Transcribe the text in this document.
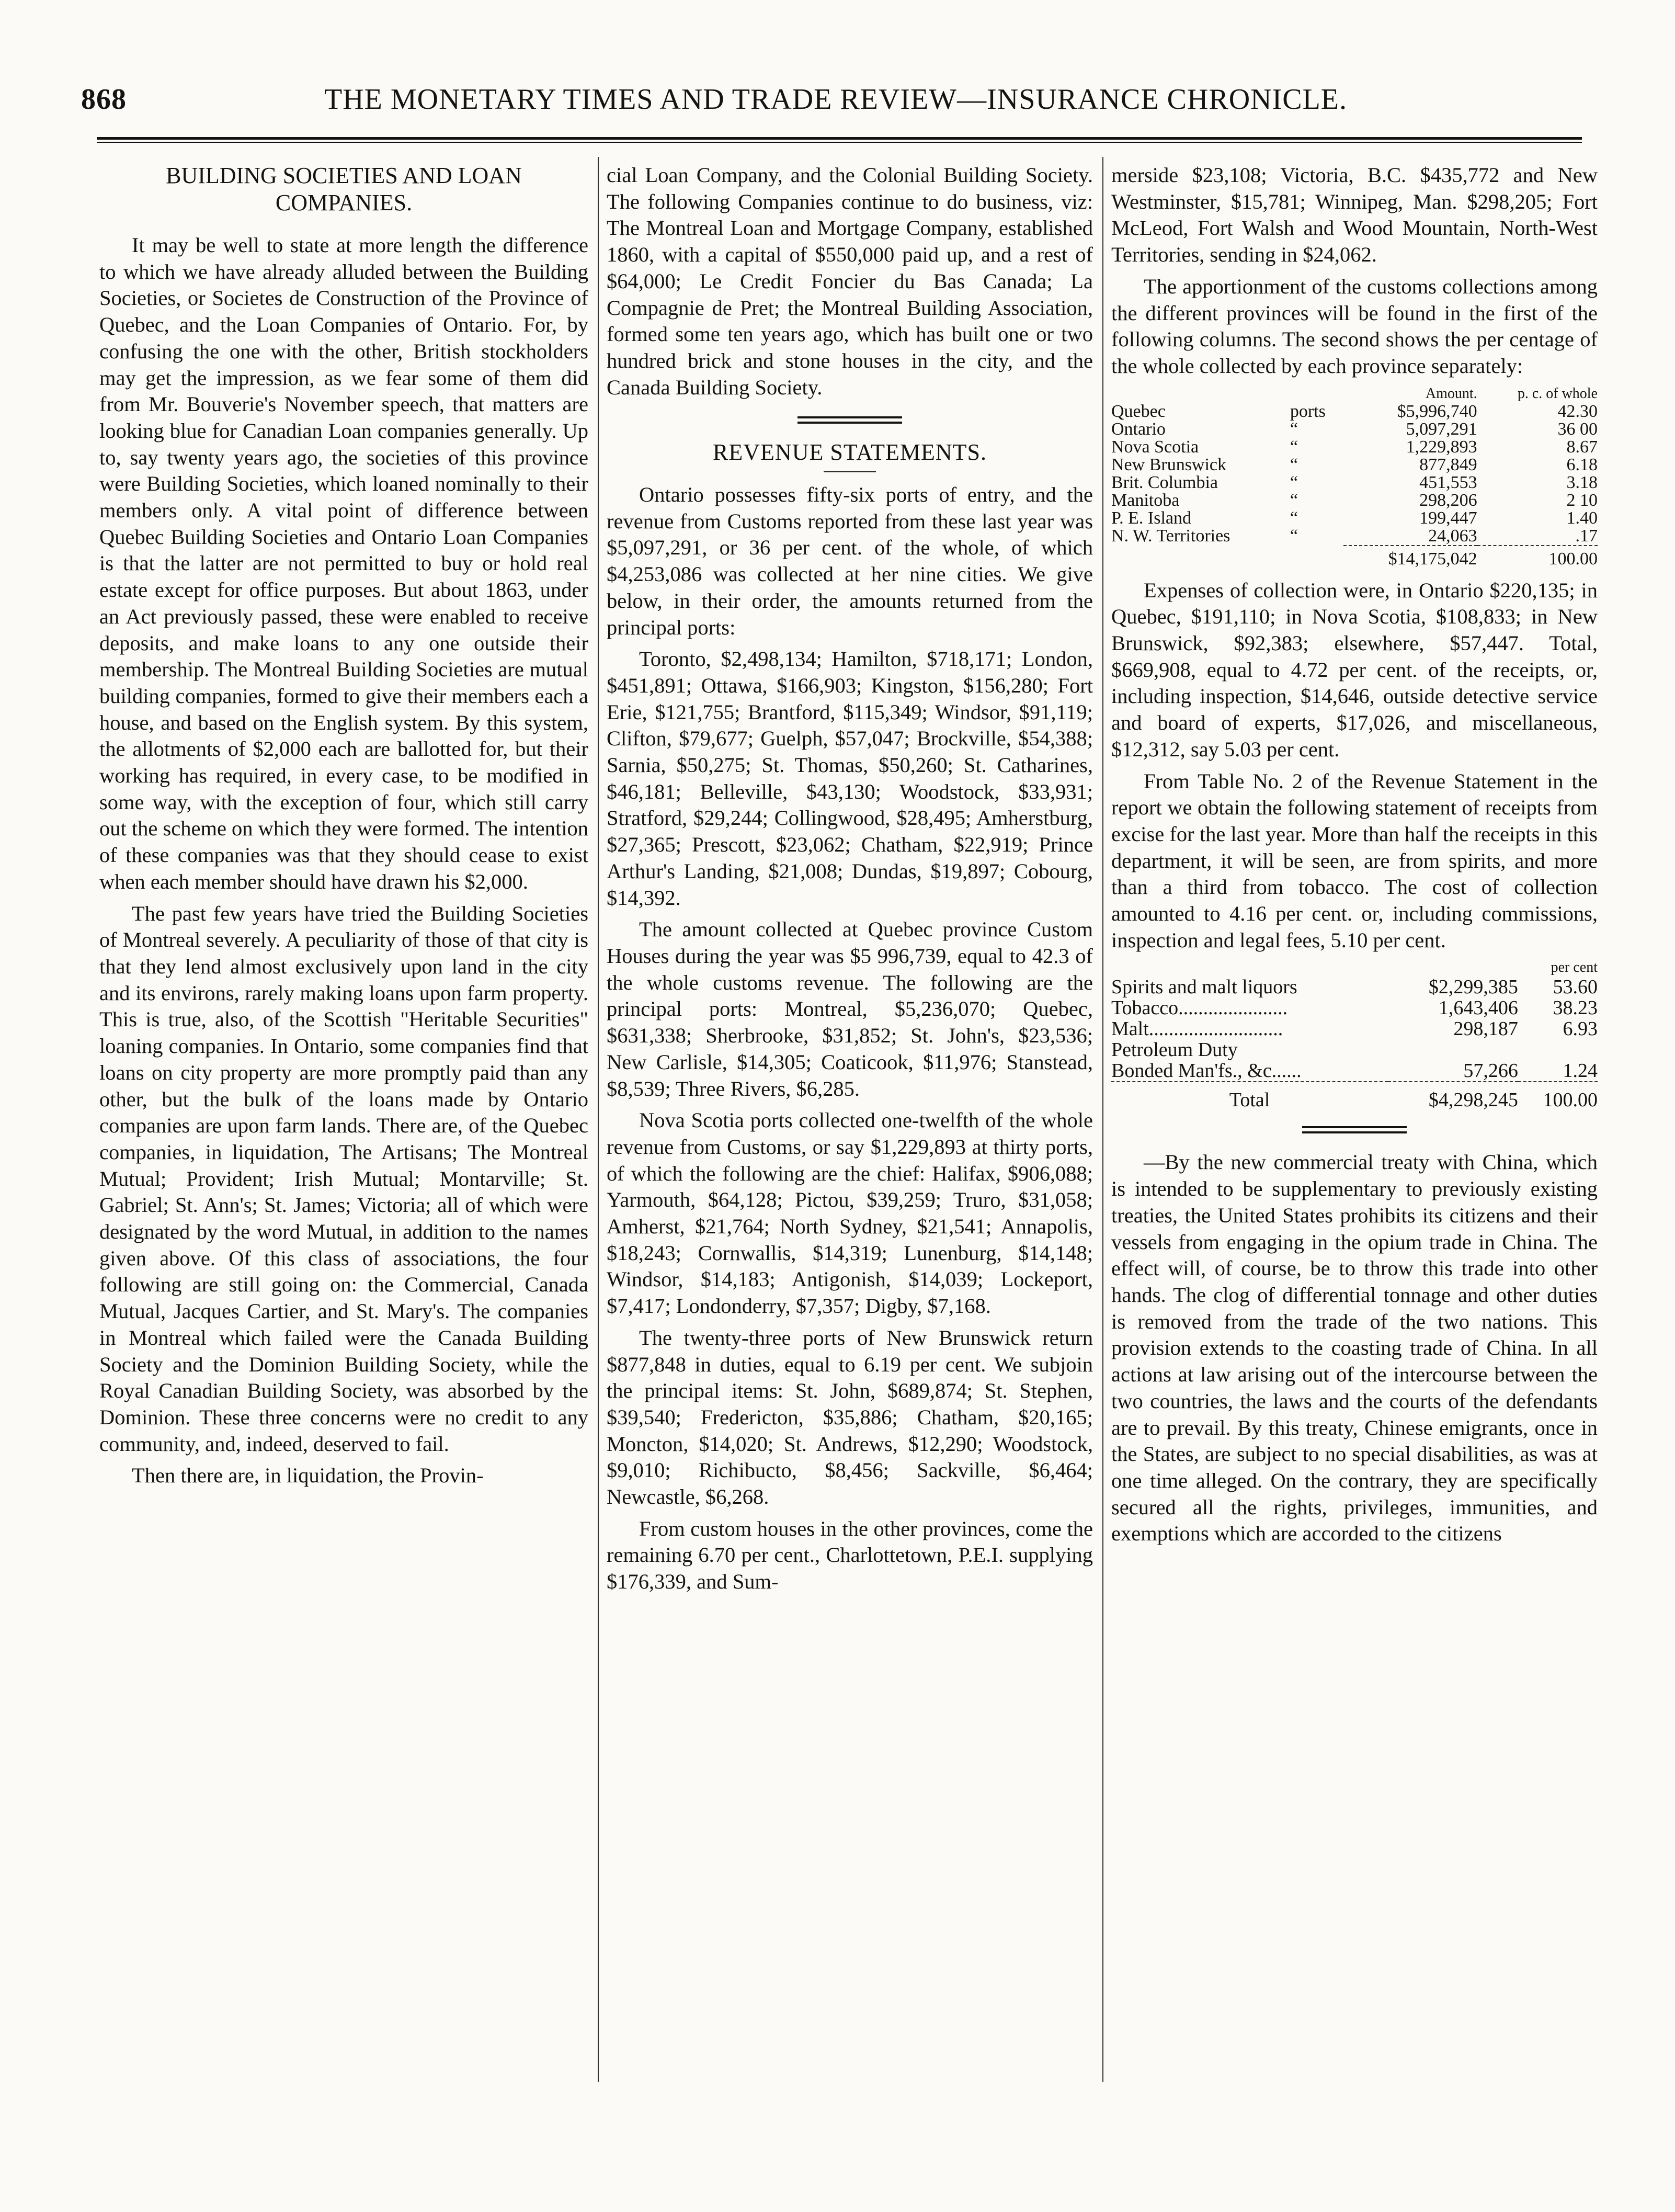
868	THE MONETARY TIMES AND TRADE REVIEW—INSURANCE CHRONICLE.
BUILDING SOCIETIES AND LOAN COMPANIES.

It may be well to state at more length the difference to which we have already alluded between the Building Societies, or Societes de Construction of the Province of Quebec, and the Loan Companies of Ontario. For, by confusing the one with the other, British stockholders may get the impression, as we fear some of them did from Mr. Bouverie's November speech, that matters are looking blue for Canadian Loan companies generally. Up to, say twenty years ago, the societies of this province were Building Societies, which loaned nominally to their members only. A vital point of difference between Quebec Building Societies and Ontario Loan Companies is that the latter are not permitted to buy or hold real estate except for office purposes. But about 1863, under an Act previously passed, these were enabled to receive deposits, and make loans to any one outside their membership. The Montreal Building Societies are mutual building companies, formed to give their members each a house, and based on the English system. By this system, the allotments of $2,000 each are ballotted for, but their working has required, in every case, to be modified in some way, with the exception of four, which still carry out the scheme on which they were formed. The intention of these companies was that they should cease to exist when each member should have drawn his $2,000.

The past few years have tried the Building Societies of Montreal severely. A peculiarity of those of that city is that they lend almost exclusively upon land in the city and its environs, rarely making loans upon farm property. This is true, also, of the Scottish "Heritable Securities" loaning companies. In Ontario, some companies find that loans on city property are more promptly paid than any other, but the bulk of the loans made by Ontario companies are upon farm lands. There are, of the Quebec companies, in liquidation, The Artisans; The Montreal Mutual; Provident; Irish Mutual; Montarville; St. Gabriel; St. Ann's; St. James; Victoria; all of which were designated by the word Mutual, in addition to the names given above. Of this class of associations, the four following are still going on: the Commercial, Canada Mutual, Jacques Cartier, and St. Mary's. The companies in Montreal which failed were the Canada Building Society and the Dominion Building Society, while the Royal Canadian Building Society, was absorbed by the Dominion. These three concerns were no credit to any community, and, indeed, deserved to fail.

Then there are, in liquidation, the Provin-

cial Loan Company, and the Colonial Building Society. The following Companies continue to do business, viz: The Montreal Loan and Mortgage Company, established 1860, with a capital of $550,000 paid up, and a rest of $64,000; Le Credit Foncier du Bas Canada; La Compagnie de Pret; the Montreal Building Association, formed some ten years ago, which has built one or two hundred brick and stone houses in the city, and the Canada Building Society.

REVENUE STATEMENTS.

Ontario possesses fifty-six ports of entry, and the revenue from Customs reported from these last year was $5,097,291, or 36 per cent. of the whole, of which $4,253,086 was collected at her nine cities. We give below, in their order, the amounts returned from the principal ports:

Toronto, $2,498,134; Hamilton, $718,171; London, $451,891; Ottawa, $166,903; Kingston, $156,280; Fort Erie, $121,755; Brantford, $115,349; Windsor, $91,119; Clifton, $79,677; Guelph, $57,047; Brockville, $54,388; Sarnia, $50,275; St. Thomas, $50,260; St. Catharines, $46,181; Belleville, $43,130; Woodstock, $33,931; Stratford, $29,244; Collingwood, $28,495; Amherstburg, $27,365; Prescott, $23,062; Chatham, $22,919; Prince Arthur's Landing, $21,008; Dundas, $19,897; Cobourg, $14,392.

The amount collected at Quebec province Custom Houses during the year was $5 996,739, equal to 42.3 of the whole customs revenue. The following are the principal ports: Montreal, $5,236,070; Quebec, $631,338; Sherbrooke, $31,852; St. John's, $23,536; New Carlisle, $14,305; Coaticook, $11,976; Stanstead, $8,539; Three Rivers, $6,285.

Nova Scotia ports collected one-twelfth of the whole revenue from Customs, or say $1,229,893 at thirty ports, of which the following are the chief: Halifax, $906,088; Yarmouth, $64,128; Pictou, $39,259; Truro, $31,058; Amherst, $21,764; North Sydney, $21,541; Annapolis, $18,243; Cornwallis, $14,319; Lunenburg, $14,148; Windsor, $14,183; Antigonish, $14,039; Lockeport, $7,417; Londonderry, $7,357; Digby, $7,168.

The twenty-three ports of New Brunswick return $877,848 in duties, equal to 6.19 per cent. We subjoin the principal items: St. John, $689,874; St. Stephen, $39,540; Fredericton, $35,886; Chatham, $20,165; Moncton, $14,020; St. Andrews, $12,290; Woodstock, $9,010; Richibucto, $8,456; Sackville, $6,464; Newcastle, $6,268.

From custom houses in the other provinces, come the remaining 6.70 per cent., Charlottetown, P.E.I. supplying $176,339, and Sum-

merside $23,108; Victoria, B.C. $435,772 and New Westminster, $15,781; Winnipeg, Man. $298,205; Fort McLeod, Fort Walsh and Wood Mountain, North-West Territories, sending in $24,062.

The apportionment of the customs collections among the different provinces will be found in the first of the following columns. The second shows the per centage of the whole collected by each province separately:

		Amount.	p. c. of whole
Quebec	ports	$5,996,740	42.30
Ontario	“	5,097,291	36 00
Nova Scotia	“	1,229,893	8.67
New Brunswick	“	877,849	6.18
Brit. Columbia	“	451,553	3.18
Manitoba	“	298,206	2 10
P. E. Island	“	199,447	1.40
N. W. Territories	“	24,063	.17
		$14,175,042	100.00

Expenses of collection were, in Ontario $220,135; in Quebec, $191,110; in Nova Scotia, $108,833; in New Brunswick, $92,383; elsewhere, $57,447. Total, $669,908, equal to 4.72 per cent. of the receipts, or, including inspection, $14,646, outside detective service and board of experts, $17,026, and miscellaneous, $12,312, say 5.03 per cent.

From Table No. 2 of the Revenue Statement in the report we obtain the following statement of receipts from excise for the last year. More than half the receipts in this department, it will be seen, are from spirits, and more than a third from tobacco. The cost of collection amounted to 4.16 per cent. or, including commissions, inspection and legal fees, 5.10 per cent.

		per cent
Spirits and malt liquors	$2,299,385	53.60
Tobacco......................	1,643,406	38.23
Malt...........................	298,187	6.93
Petroleum Duty		
Bonded Man'fs., &c......	57,266	1.24
Total	$4,298,245	100.00

—By the new commercial treaty with China, which is intended to be supplementary to previously existing treaties, the United States prohibits its citizens and their vessels from engaging in the opium trade in China. The effect will, of course, be to throw this trade into other hands. The clog of differential tonnage and other duties is removed from the trade of the two nations. This provision extends to the coasting trade of China. In all actions at law arising out of the intercourse between the two countries, the laws and the courts of the defendants are to prevail. By this treaty, Chinese emigrants, once in the States, are subject to no special disabilities, as was at one time alleged. On the contrary, they are specifically secured all the rights, privileges, immunities, and exemptions which are accorded to the citizens
